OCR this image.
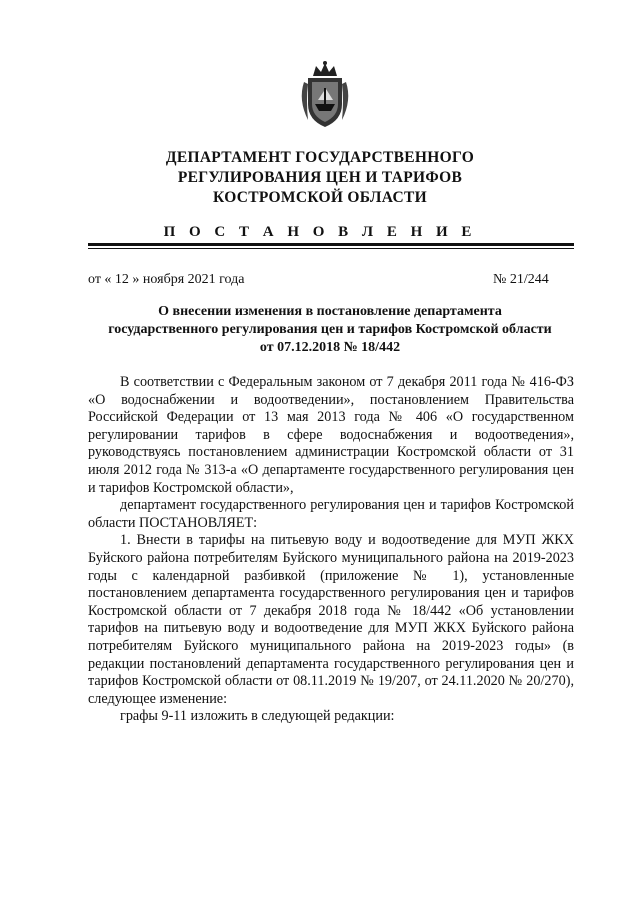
ДЕПАРТАМЕНТ ГОСУДАРСТВЕННОГО
РЕГУЛИРОВАНИЯ ЦЕН И ТАРИФОВ
КОСТРОМСКОЙ ОБЛАСТИ
П О С Т А Н О В Л Е Н И Е
от « 12 » ноября 2021 года	№ 21/244
О внесении изменения в постановление департамента
государственного регулирования цен и тарифов Костромской области
от 07.12.2018 № 18/442

В соответствии с Федеральным законом от 7 декабря 2011 года № 416-ФЗ «О водоснабжении и водоотведении», постановлением Правительства Российской Федерации от 13 мая 2013 года № 406 «О государственном регулировании тарифов в сфере водоснабжения и водоотведения», руководствуясь постановлением администрации Костромской области от 31 июля 2012 года № 313-а «О департаменте государственного регулирования цен и тарифов Костромской области»,

департамент государственного регулирования цен и тарифов Костромской области ПОСТАНОВЛЯЕТ:

1. Внести в тарифы на питьевую воду и водоотведение для МУП ЖКХ Буйского района потребителям Буйского муниципального района на 2019-2023 годы с календарной разбивкой (приложение № 1), установленные постановлением департамента государственного регулирования цен и тарифов Костромской области от 7 декабря 2018 года № 18/442 «Об установлении тарифов на питьевую воду и водоотведение для МУП ЖКХ Буйского района потребителям Буйского муниципального района на 2019-2023 годы» (в редакции постановлений департамента государственного регулирования цен и тарифов Костромской области от 08.11.2019 № 19/207, от 24.11.2020 № 20/270), следующее изменение:

графы 9-11 изложить в следующей редакции:
